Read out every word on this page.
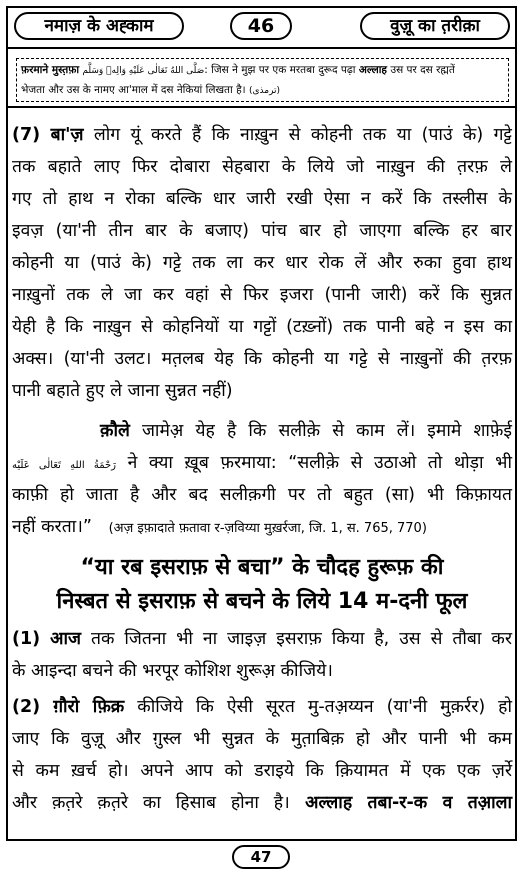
नमाज़ के अह्काम	46	वुज़ू का त़रीक़ा
फ़रमाने मुस्त़फ़ा صَلَّى اللهُ تَعَالٰى عَلَيْهِ وَالِهٖ وَسَلَّم: जिस ने मुझ पर एक मरतबा दुरूद पढ़ा अल्लाह उस पर दस रह्मतें
भेजता और उस के नामए आ'माल में दस नेकियां लिखता है। (ترمذی)
(7) बा'ज़ लोग यूं करते हैं कि नाख़ुन से कोहनी तक या (पाउं के) गट्टे
तक बहाते लाए फिर दोबारा सेहबारा के लिये जो नाख़ुन की त़रफ़ ले
गए तो हाथ न रोका बल्कि धार जारी रखी ऐसा न करें कि तस्लीस के
इवज़ (या'नी तीन बार के बजाए) पांच बार हो जाएगा बल्कि हर बार
कोहनी या (पाउं के) गट्टे तक ला कर धार रोक लें और रुका हुवा हाथ
नाख़ुनों तक ले जा कर वहां से फिर इजरा (पानी जारी) करें कि सुन्नत
येही है कि नाख़ुन से कोहनियों या गट्टों (टख़्नों) तक पानी बहे न इस का
अक्स। (या'नी उलट। मत़लब येह कि कोहनी या गट्टे से नाख़ुनों की त़रफ़
पानी बहाते हुए ले जाना सुन्नत नहीं)
क़ौले जामेअ़ येह है कि सलीक़े से काम लें। इमामे शाफ़ेई
رَحْمَةُ اللهِ تَعَالٰى عَلَيْه ने क्या ख़ूब फ़रमाया: “सलीक़े से उठाओ तो थोड़ा भी
काफ़ी हो जाता है और बद सलीक़गी पर तो बहुत (सा) भी किफ़ायत
नहीं करता।” (अज़ इफ़ादाते फ़तावा र-ज़विय्या मुख़र्रजा, जि. 1, स. 765, 770)
“या रब इसराफ़ से बचा” के चौदह हुरूफ़ की
निस्बत से इसराफ़ से बचने के लिये 14 म-दनी फूल
(1) आज तक जितना भी ना जाइज़ इसराफ़ किया है, उस से तौबा कर
के आइन्दा बचने की भरपूर कोशिश शुरूअ़ कीजिये।
(2) ग़ौरो फ़िक्र कीजिये कि ऐसी सूरत मु-तअ़य्यन (या'नी मुक़र्रर) हो
जाए कि वुज़ू और ग़ुस्ल भी सुन्नत के मुत़ाबिक़ हो और पानी भी कम
से कम ख़र्च हो। अपने आप को डराइये कि क़ियामत में एक एक ज़र्रे
और क़त़रे क़त़रे का हिसाब होना है। अल्लाह तबा-र-क व तआ़ला
47
